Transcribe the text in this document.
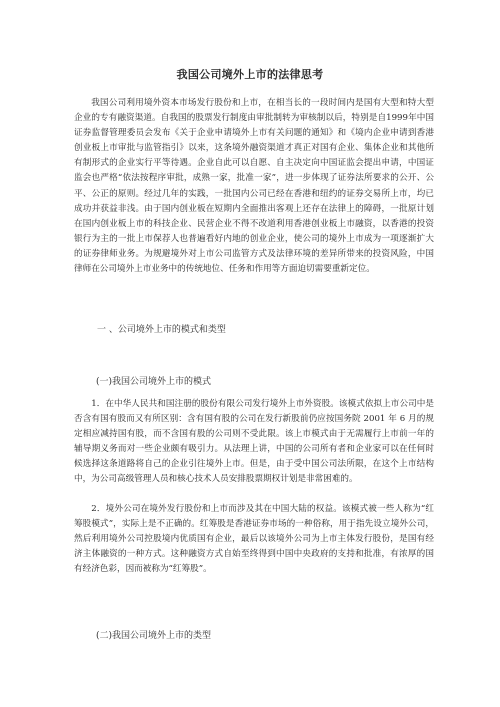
我国公司境外上市的法律思考

我国公司利用境外资本市场发行股份和上市，在相当长的一段时间内是国有大型和特大型企业的专有融资渠道。自我国的股票发行制度由审批制转为审核制以后，特别是自1999年中国证券监督管理委员会发布《关于企业申请境外上市有关问题的通知》和《境内企业申请到香港创业板上市审批与监管指引》以来，这条境外融资渠道才真正对国有企业、集体企业和其他所有制形式的企业实行平等待遇。企业自此可以自愿、自主决定向中国证监会提出申请，中国证监会也严格“依法按程序审批，成熟一家，批准一家”，进一步体现了证券法所要求的公开、公平、公正的原则。经过几年的实践，一批国内公司已经在香港和纽约的证券交易所上市，均已成功并获益非浅。由于国内创业板在短期内全面推出客观上还存在法律上的障碍，一批原计划在国内创业板上市的科技企业、民营企业不得不改道利用香港创业板上市融资，以香港的投资银行为主的一批上市保荐人也普遍看好内地的创业企业，使公司的境外上市成为一项逐渐扩大的证券律师业务。为规避境外对上市公司监管方式及法律环境的差异所带来的投资风险，中国律师在公司境外上市业务中的传统地位、任务和作用等方面迫切需要重新定位。

一 、公司境外上市的模式和类型
(一)我国公司境外上市的模式

1．在中华人民共和国注册的股份有限公司发行境外上市外资股。该模式依拟上市公司中是否含有国有股而又有所区别：含有国有股的公司在发行新股前仍应按国务院 2001 年 6 月的规定相应减持国有股，而不含国有股的公司则不受此限。该上市模式由于无需履行上市前一年的辅导期义务而对一些企业颇有吸引力。从法理上讲，中国的公司所有者和企业家可以在任何时候选择这条道路将自己的企业引往境外上市。但是，由于受中国公司法所限，在这个上市结构中，为公司高级管理人员和核心技术人员安排股票期权计划是非常困难的。

2．境外公司在境外发行股份和上市而涉及其在中国大陆的权益。该模式被一些人称为“红筹股模式”，实际上是不正确的。红筹股是香港证券市场的一种俗称，用于指先设立境外公司，然后利用境外公司控股境内优质国有企业，最后以该境外公司为上市主体发行股份，是国有经济主体融资的一种方式。这种融资方式自始至终得到中国中央政府的支持和批准，有浓厚的国有经济色彩，因而被称为“红筹股”。

(二)我国公司境外上市的类型
